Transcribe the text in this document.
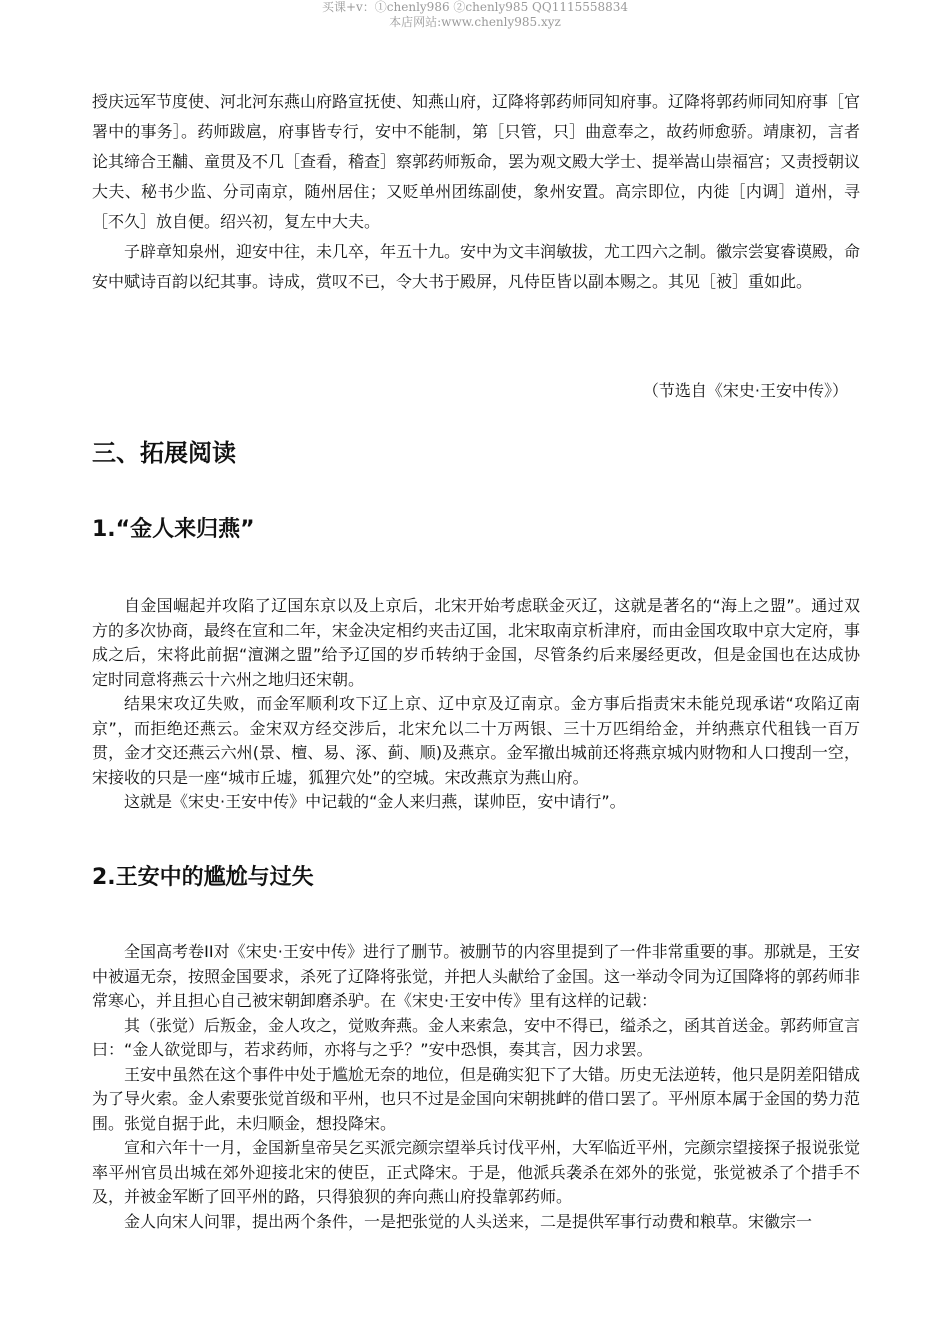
买课+v：①chenly986 ②chenly985 QQ1115558834
本店网站:www.chenly985.xyz

授庆远军节度使、河北河东燕山府路宣抚使、知燕山府，辽降将郭药师同知府事。辽降将郭药师同知府事［官署中的事务］。药师跋扈，府事皆专行，安中不能制，第［只管，只］曲意奉之，故药师愈骄。靖康初，言者论其缔合王黼、童贯及不几［查看，稽查］察郭药师叛命，罢为观文殿大学士、提举嵩山崇福宫；又责授朝议大夫、秘书少监、分司南京，随州居住；又贬单州团练副使，象州安置。高宗即位，内徙［内调］道州，寻［不久］放自便。绍兴初，复左中大夫。

子辟章知泉州，迎安中往，未几卒，年五十九。安中为文丰润敏拔，尤工四六之制。徽宗尝宴睿谟殿，命安中赋诗百韵以纪其事。诗成，赏叹不已，令大书于殿屏，凡侍臣皆以副本赐之。其见［被］重如此。

（节选自《宋史·王安中传》）
三、拓展阅读
1.“金人来归燕”

自金国崛起并攻陷了辽国东京以及上京后，北宋开始考虑联金灭辽，这就是著名的“海上之盟”。通过双方的多次协商，最终在宣和二年，宋金决定相约夹击辽国，北宋取南京析津府，而由金国攻取中京大定府，事成之后，宋将此前据“澶渊之盟”给予辽国的岁币转纳于金国，尽管条约后来屡经更改，但是金国也在达成协定时同意将燕云十六州之地归还宋朝。

结果宋攻辽失败，而金军顺利攻下辽上京、辽中京及辽南京。金方事后指责宋未能兑现承诺“攻陷辽南京”，而拒绝还燕云。金宋双方经交涉后，北宋允以二十万两银、三十万匹绢给金，并纳燕京代租钱一百万贯，金才交还燕云六州(景、檀、易、涿、蓟、顺)及燕京。金军撤出城前还将燕京城内财物和人口搜刮一空，宋接收的只是一座“城市丘墟，狐狸穴处”的空城。宋改燕京为燕山府。

这就是《宋史·王安中传》中记载的“金人来归燕，谋帅臣，安中请行”。

2.王安中的尴尬与过失

全国高考卷II对《宋史·王安中传》进行了删节。被删节的内容里提到了一件非常重要的事。那就是，王安中被逼无奈，按照金国要求，杀死了辽降将张觉，并把人头献给了金国。这一举动令同为辽国降将的郭药师非常寒心，并且担心自己被宋朝卸磨杀驴。在《宋史·王安中传》里有这样的记载：

其（张觉）后叛金，金人攻之，觉败奔燕。金人来索急，安中不得已，缢杀之，函其首送金。郭药师宣言曰：“金人欲觉即与，若求药师，亦将与之乎？”安中恐惧，奏其言，因力求罢。

王安中虽然在这个事件中处于尴尬无奈的地位，但是确实犯下了大错。历史无法逆转，他只是阴差阳错成为了导火索。金人索要张觉首级和平州，也只不过是金国向宋朝挑衅的借口罢了。平州原本属于金国的势力范围。张觉自据于此，未归顺金，想投降宋。

宣和六年十一月，金国新皇帝吴乞买派完颜宗望举兵讨伐平州，大军临近平州，完颜宗望接探子报说张觉率平州官员出城在郊外迎接北宋的使臣，正式降宋。于是，他派兵袭杀在郊外的张觉，张觉被杀了个措手不及，并被金军断了回平州的路，只得狼狈的奔向燕山府投靠郭药师。

金人向宋人问罪，提出两个条件，一是把张觉的人头送来，二是提供军事行动费和粮草。宋徽宗一
